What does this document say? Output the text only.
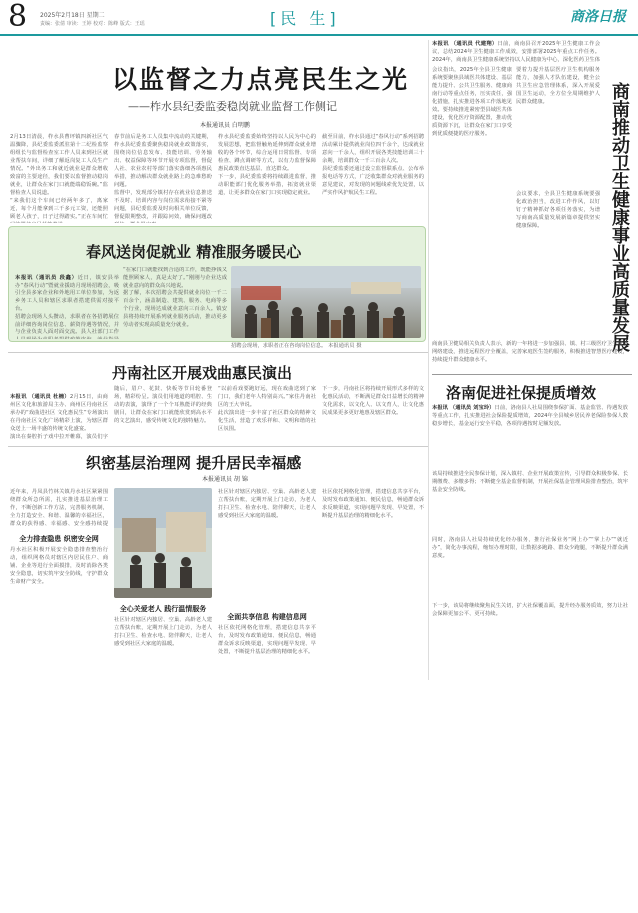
8 2025年2月18日 星期二
责编：张倩 审读：王婷 校对：陈峰 版式：王瑶	[民 生]	商洛日报
以监督之力点亮民生之光
——柞水县纪委监委稳岗就业监督工作侧记
本报通讯员 白明鹏
2月13日清晨，柞水县曹坪镇四新社区气温骤降，县纪委监委派驻第十二纪检监察组组长与监督检查室工作人员来到社区就业帮扶车间，详细了解返岗复工人员生产情况。“外出务工和就近就业是群众增收致富的主要途径，我们要以监督推动稳岗就业，让群众在家门口就能端稳饭碗。”监督检查人员说道。
“来我们这个车间已经两年多了，离家近，每个月能拿到三千多元工资，还能照顾老人孩子，日子过得踏实。”正在车间忙
春节前后是务工人员集中流动的关键期，柞水县纪委监委聚焦稳岗就业政策落实，围绕岗位信息发布、技能培训、劳务输出、权益保障等环节开展专项监督，督促人社、农业农村等部门落实落细各项惠民举措，推动解决群众就业路上的急难愁盼问题。
监督中，发现部分镇村存在就业信息推送不及时、培训内容与岗位需求衔接不紧等问题，县纪委监委及时向相关单位反馈，督促限期整改，并跟踪问效，确保问题改
柞水县纪委监委始终坚持以人民为中心的发展思想，把监督触角延伸到群众就业增收的各个环节，综合运用日常监督、专项检查、蹲点调研等方式，以有力监督保障惠民政策直达基层、直达群众。
下一步，县纪委监委将持续跟进监督，推动职能部门优化服务举措，拓宽就业渠道，让更多群众在家门口实现稳定就业。
截至目前，柞水县通过“春风行动”系列招聘活动累计提供就业岗位四千余个，达成就业意向一千余人，组织开展各类技能培训三十余期，培训群众一千三百余人次。
县纪委监委还通过设立监督联系点、公布举报电话等方式，广泛收集群众对就业服务的意见建议，对发现的问题线索优先处置，以严实作风护航民生工程。
春风送岗促就业 精准服务暖民心

本报讯（通讯员 段鑫）近日，镇安县举办“春风行动”暨就业援助月现场招聘会，吸引全县多家企业和外地用工单位参加，为返乡务工人员和辖区求职者搭建供需对接平台。
招聘会现场人头攒动，求职者在各招聘展位前详细咨询岗位信息、薪资待遇等情况，并与企业负责人面对面交流。县人社部门工作

“在家门口就能找到合适的工作，既能挣钱又能照顾家人，真是太好了。”刚刚与企业达成就业意向的群众高兴地说。
据了解，本次招聘会共提供就业岗位一千二百余个，涵盖制造、建筑、服务、电商等多个行业，现场达成就业意向三百余人。镇安县将持续开展系列就业服务活动，推动更多劳动者实现高质量充分就业。
招聘会现场，求职者正在咨询岗位信息。 本报通讯员 摄
丹南社区开展戏曲惠民演出

本报讯 （通讯员 杜楠）2月15日，由商州区文化和旅游局主办、商州区丹南社区承办的“戏曲进社区 文化惠民生”专场演出在丹南社区文化广场精彩上演，为辖区群众送上一场丰盛的传统文化盛宴。
演出在秦腔折子戏中拉开帷幕，演员们字

随后，眉户、花鼓、快板等节目轮番登场，精彩纷呈。演员们用地道的唱腔、生动的表演，演绎了一个个耳熟能详的经典剧目，让群众在家门口就能欣赏到高水平的文艺演出，感受传统文化的独特魅力。
“以前看戏要跑好远，现在戏曲送到了家门口，我们老年人特别高兴。”家住丹南社区的王大爷说。
此次演出进一步丰富了社区群众的精神文化生活，营造了欢乐祥和、文明和谐的社区氛围。
下一步，丹南社区将持续开展形式多样的文化惠民活动，不断满足群众日益增长的精神文化需求，以文化人、以文育人，让文化惠民成果更多更好地惠及辖区群众。
织密基层治理网 提升居民幸福感
本报通讯员 胡 锦
近年来，丹凤县竹林关镇丹水社区紧紧围绕群众所急所需，扎实推进基层治理工作，不断创新工作方法，完善服务机制，全力打造安全、和谐、温馨的幸福社区，群众的获得感、幸福感、安全感持续提
全力排查隐患 织密安全网
丹水社区积极开展安全隐患排查整治行动，组织网格员对辖区内居民住户、商铺、企业等进行全面摸排，及时消除各类安全隐患，切实筑牢安全防线，守护群众生命财产安全。
全心关爱老人 践行温情服务
社区针对辖区内独居、空巢、高龄老人建立帮扶台账，定期开展上门走访，为老人打扫卫生、检查水电、陪伴聊天，让老人感受到社区大家庭的温暖。
社区针对辖区内独居、空巢、高龄老人建立帮扶台账，定期开展上门走访，为老人打扫卫生、检查水电、陪伴聊天，让老人感受到社区大家庭的温暖。
全面共享信息 构建信息网
社区依托网格化管理，搭建信息共享平台，及时发布政策通知、便民信息，畅通群众诉求反映渠道，实现问题早发现、早处置，不断提升基层治理的精细化水平。
社区依托网格化管理，搭建信息共享平台，及时发布政策通知、便民信息，畅通群众诉求反映渠道，实现问题早发现、早处置，不断提升基层治理的精细化水平。
本报讯 （通讯员 代建翔）日前，商南县召开2025年卫生健康工作会议，总结2024年卫生健康工作成效，安排部署2025年重点工作任务。2024年，商南县卫生健康系统坚持以人民健康为中心，深化医药卫生体
商南推动卫生健康事业高质量发展
会议指出，2025年全县卫生健康系统要聚焦县域医共体建设、基层能力提升、公共卫生服务、健康商南行动等重点任务，压实责任，强化措施，扎实推进各项工作落地见效。要持续推进紧密型县域医共体建设，优化医疗资源配置，推动优质资源下沉，让群众在家门口享受到优质便捷的医疗服务。
要着力提升基层医疗卫生机构服务能力，加强人才队伍建设，健全公共卫生应急管理体系，深入开展爱国卫生运动，全方位全周期维护人民群众健康。
会议要求，全县卫生健康系统要强化政治担当，改进工作作风，以钉钉子精神抓好各项任务落实，为谱写商南高质量发展新篇章提供坚实健康保障。
商南县卫健局相关负责人表示，新的一年将进一步加强县、镇、村三级医疗卫生服务网络建设，推进远程医疗全覆盖，完善家庭医生签约服务，积极推进智慧医疗建设，持续提升群众健康水平。
洛南促进社保提质增效
本报讯 （通讯员 刘宝玲）日前，洛南县人社局围绕参保扩面、基金监管、待遇发放等重点工作，扎实推进社会保险提质增效，2024年全县城乡居民养老保险参保人数稳步增长，基金运行安全平稳，各项待遇按时足额发放。
该局持续推进全民参保计划，深入镇村、企业开展政策宣传，引导群众积极参保、长期缴费、多缴多得；不断健全基金监督机制，开展社保基金管理风险排查整治，筑牢基金安全防线。
同时，洛南县人社局持续优化经办服务，推行社保业务“网上办”“掌上办”“就近办”，简化办事流程，缩短办理时限，让数据多跑路、群众少跑腿，不断提升群众满意度。
下一步，该局将继续聚焦民生关切，扩大社保覆盖面，提升经办服务质效，努力让社会保障更加公平、更可持续。
